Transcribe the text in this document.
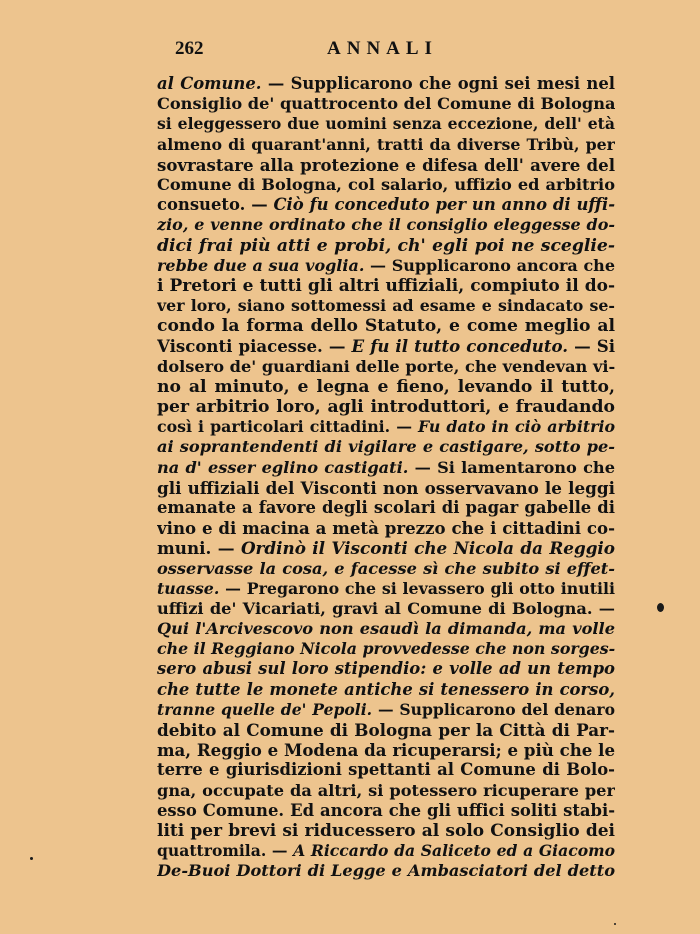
262	ANNALI
al Comune. — Supplicarono che ogni sei mesi nel
Consiglio de' quattrocento del Comune di Bologna
si eleggessero due uomini senza eccezione, dell' età
almeno di quarant'anni, tratti da diverse Tribù, per
sovrastare alla protezione e difesa dell' avere del
Comune di Bologna, col salario, uffizio ed arbitrio
consueto. — Ciò fu conceduto per un anno di uffi-
zio, e venne ordinato che il consiglio eleggesse do-
dici frai più atti e probi, ch' egli poi ne sceglie-
rebbe due a sua voglia. — Supplicarono ancora che
i Pretori e tutti gli altri uffiziali, compiuto il do-
ver loro, siano sottomessi ad esame e sindacato se-
condo la forma dello Statuto, e come meglio al
Visconti piacesse. — E fu il tutto conceduto. — Si
dolsero de' guardiani delle porte, che vendevan vi-
no al minuto, e legna e fieno, levando il tutto,
per arbitrio loro, agli introduttori, e fraudando
così i particolari cittadini. — Fu dato in ciò arbitrio
ai soprantendenti di vigilare e castigare, sotto pe-
na d' esser eglino castigati. — Si lamentarono che
gli uffiziali del Visconti non osservavano le leggi
emanate a favore degli scolari di pagar gabelle di
vino e di macina a metà prezzo che i cittadini co-
muni. — Ordinò il Visconti che Nicola da Reggio
osservasse la cosa, e facesse sì che subito si effet-
tuasse. — Pregarono che si levassero gli otto inutili
uffizi de' Vicariati, gravi al Comune di Bologna. —
Qui l'Arcivescovo non esaudì la dimanda, ma volle
che il Reggiano Nicola provvedesse che non sorges-
sero abusi sul loro stipendio: e volle ad un tempo
che tutte le monete antiche si tenessero in corso,
tranne quelle de' Pepoli. — Supplicarono del denaro
debito al Comune di Bologna per la Città di Par-
ma, Reggio e Modena da ricuperarsi; e più che le
terre e giurisdizioni spettanti al Comune di Bolo-
gna, occupate da altri, si potessero ricuperare per
esso Comune. Ed ancora che gli uffici soliti stabi-
liti per brevi si riducessero al solo Consiglio dei
quattromila. — A Riccardo da Saliceto ed a Giacomo
De-Buoi Dottori di Legge e Ambasciatori del detto
